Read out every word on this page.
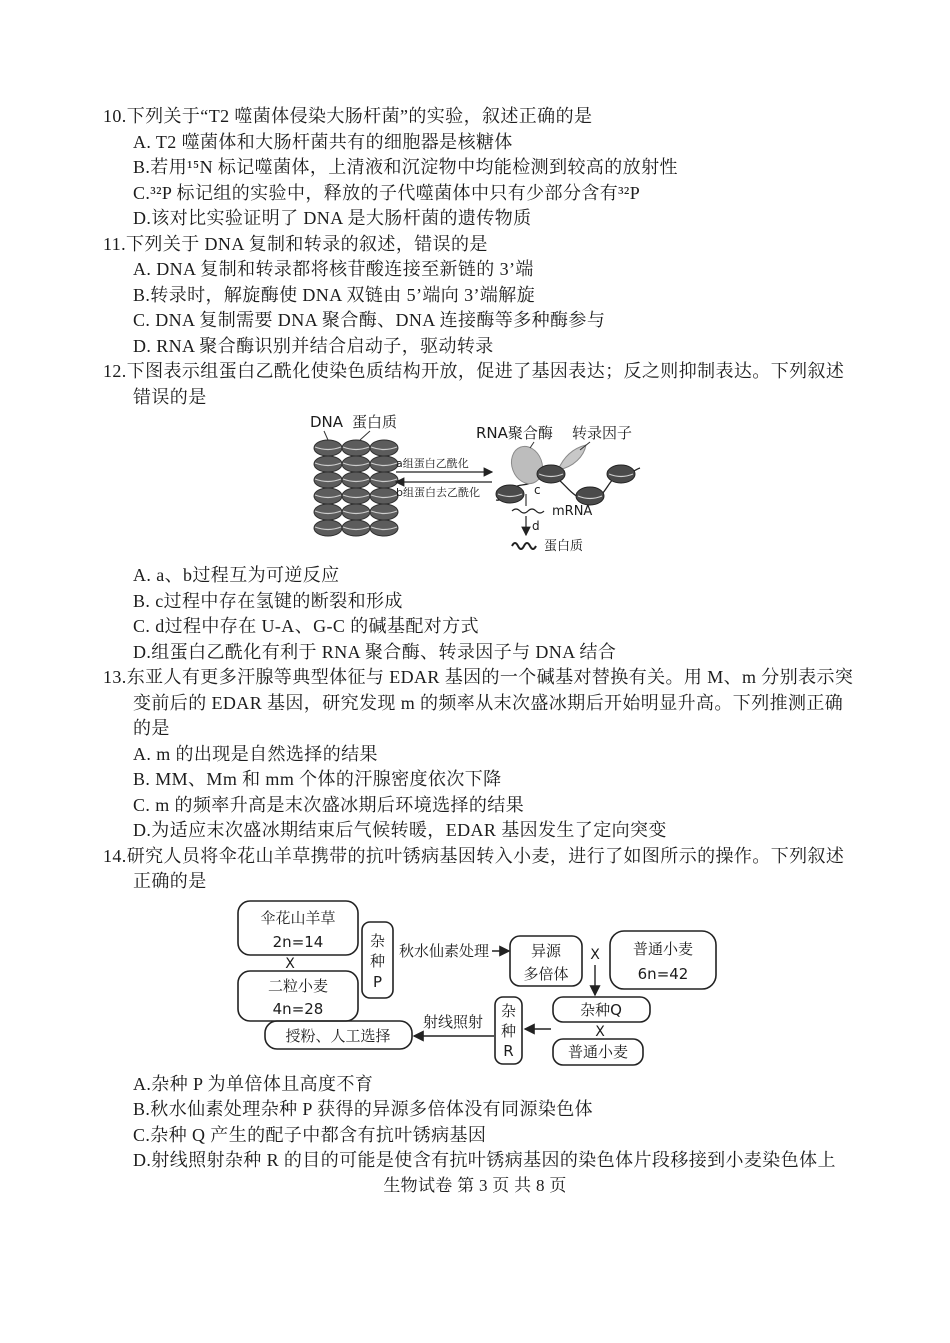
10.下列关于“T2 噬菌体侵染大肠杆菌”的实验，叙述正确的是
A. T2 噬菌体和大肠杆菌共有的细胞器是核糖体
B.若用¹⁵N 标记噬菌体，上清液和沉淀物中均能检测到较高的放射性
C.³²P 标记组的实验中，释放的子代噬菌体中只有少部分含有³²P
D.该对比实验证明了 DNA 是大肠杆菌的遗传物质
11.下列关于 DNA 复制和转录的叙述，错误的是
A. DNA 复制和转录都将核苷酸连接至新链的 3’端
B.转录时，解旋酶使 DNA 双链由 5’端向 3’端解旋
C. DNA 复制需要 DNA 聚合酶、DNA 连接酶等多种酶参与
D. RNA 聚合酶识别并结合启动子，驱动转录
12.下图表示组蛋白乙酰化使染色质结构开放，促进了基因表达；反之则抑制表达。下列叙述
错误的是
DNA 蛋白质
a组蛋白乙酰化
b组蛋白去乙酰化
RNA聚合酶 转录因子
c
mRNA
d
蛋白质
A. a、b过程互为可逆反应
B. c过程中存在氢键的断裂和形成
C. d过程中存在 U-A、G-C 的碱基配对方式
D.组蛋白乙酰化有利于 RNA 聚合酶、转录因子与 DNA 结合
13.东亚人有更多汗腺等典型体征与 EDAR 基因的一个碱基对替换有关。用 M、m 分别表示突
变前后的 EDAR 基因，研究发现 m 的频率从末次盛冰期后开始明显升高。下列推测正确
的是
A. m 的出现是自然选择的结果
B. MM、Mm 和 mm 个体的汗腺密度依次下降
C. m 的频率升高是末次盛冰期后环境选择的结果
D.为适应末次盛冰期结束后气候转暖，EDAR 基因发生了定向突变
14.研究人员将伞花山羊草携带的抗叶锈病基因转入小麦，进行了如图所示的操作。下列叙述
正确的是
伞花山羊草
2n=14
X
二粒小麦
4n=28
杂
种
P
秋水仙素处理	异源
多倍体
X 普通小麦
6n=42
杂种Q
X
普通小麦
杂
种
R
射线照射
授粉、人工选择
A.杂种 P 为单倍体且高度不育
B.秋水仙素处理杂种 P 获得的异源多倍体没有同源染色体
C.杂种 Q 产生的配子中都含有抗叶锈病基因
D.射线照射杂种 R 的目的可能是使含有抗叶锈病基因的染色体片段移接到小麦染色体上
生物试卷 第 3 页 共 8 页
